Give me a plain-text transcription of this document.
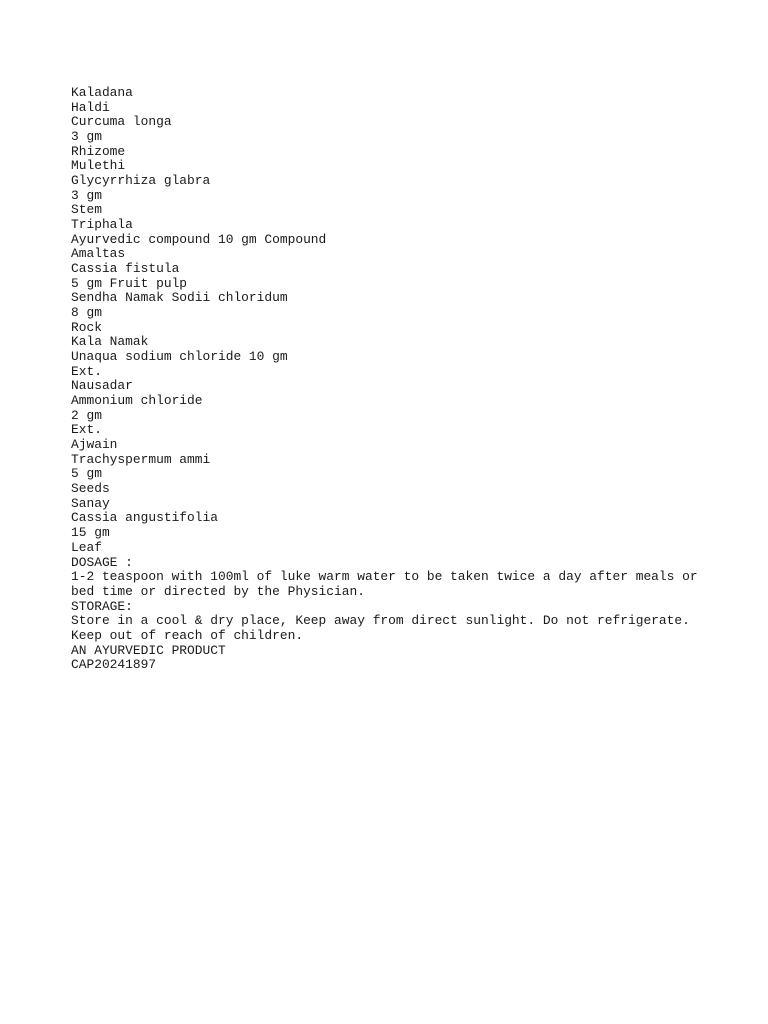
Kaladana
Haldi
Curcuma longa
3 gm
Rhizome
Mulethi
Glycyrrhiza glabra
3 gm
Stem
Triphala
Ayurvedic compound 10 gm Compound
Amaltas
Cassia fistula
5 gm Fruit pulp
Sendha Namak Sodii chloridum
8 gm
Rock
Kala Namak
Unaqua sodium chloride 10 gm
Ext.
Nausadar
Ammonium chloride
2 gm
Ext.
Ajwain
Trachyspermum ammi
5 gm
Seeds
Sanay
Cassia angustifolia
15 gm
Leaf
DOSAGE :
1-2 teaspoon with 100ml of luke warm water to be taken twice a day after meals or
bed time or directed by the Physician.
STORAGE:
Store in a cool & dry place, Keep away from direct sunlight. Do not refrigerate.
Keep out of reach of children.
AN AYURVEDIC PRODUCT
CAP20241897
